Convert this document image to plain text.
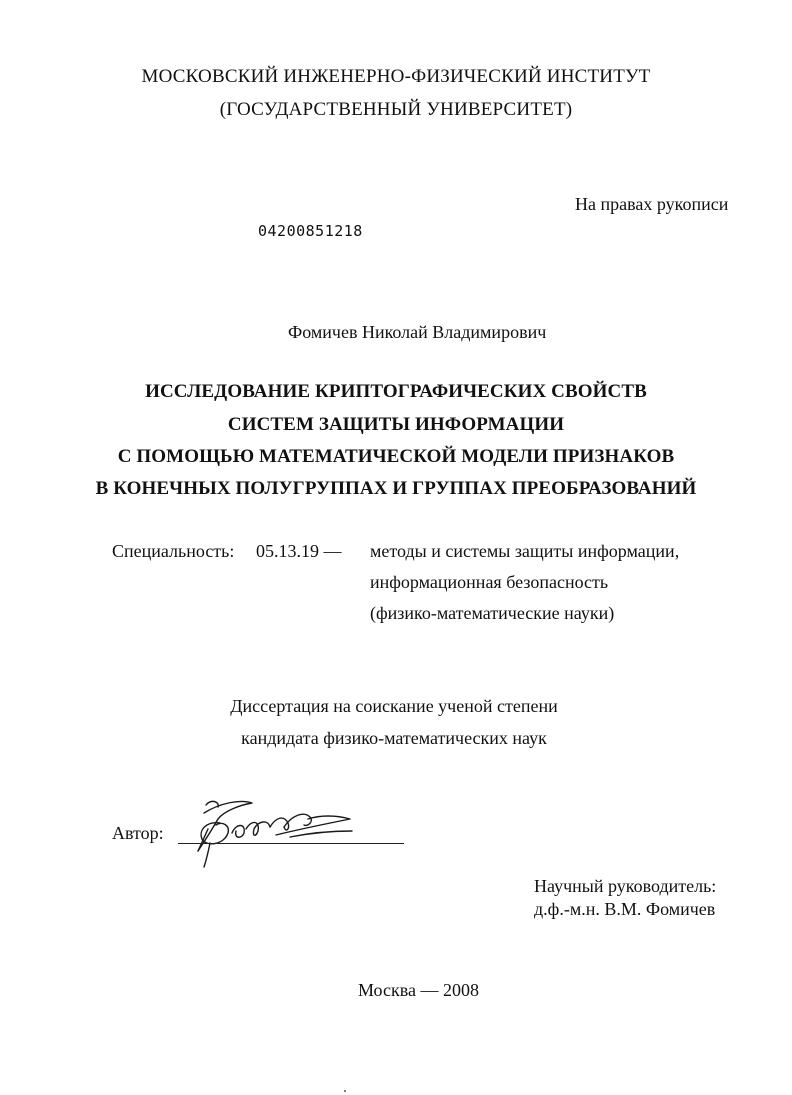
МОСКОВСКИЙ ИНЖЕНЕРНО-ФИЗИЧЕСКИЙ ИНСТИТУТ
(ГОСУДАРСТВЕННЫЙ УНИВЕРСИТЕТ)
На правах рукописи
04200851218
Фомичев Николай Владимирович
ИССЛЕДОВАНИЕ КРИПТОГРАФИЧЕСКИХ СВОЙСТВ
СИСТЕМ ЗАЩИТЫ ИНФОРМАЦИИ
С ПОМОЩЬЮ МАТЕМАТИЧЕСКОЙ МОДЕЛИ ПРИЗНАКОВ
В КОНЕЧНЫХ ПОЛУГРУППАХ И ГРУППАХ ПРЕОБРАЗОВАНИЙ
Специальность: 05.13.19 — методы и системы защиты информации,
информационная безопасность
(физико-математические науки)
Диссертация на соискание ученой степени
кандидата физико-математических наук
Автор:
Научный руководитель:
д.ф.-м.н. В.М. Фомичев
Москва — 2008
